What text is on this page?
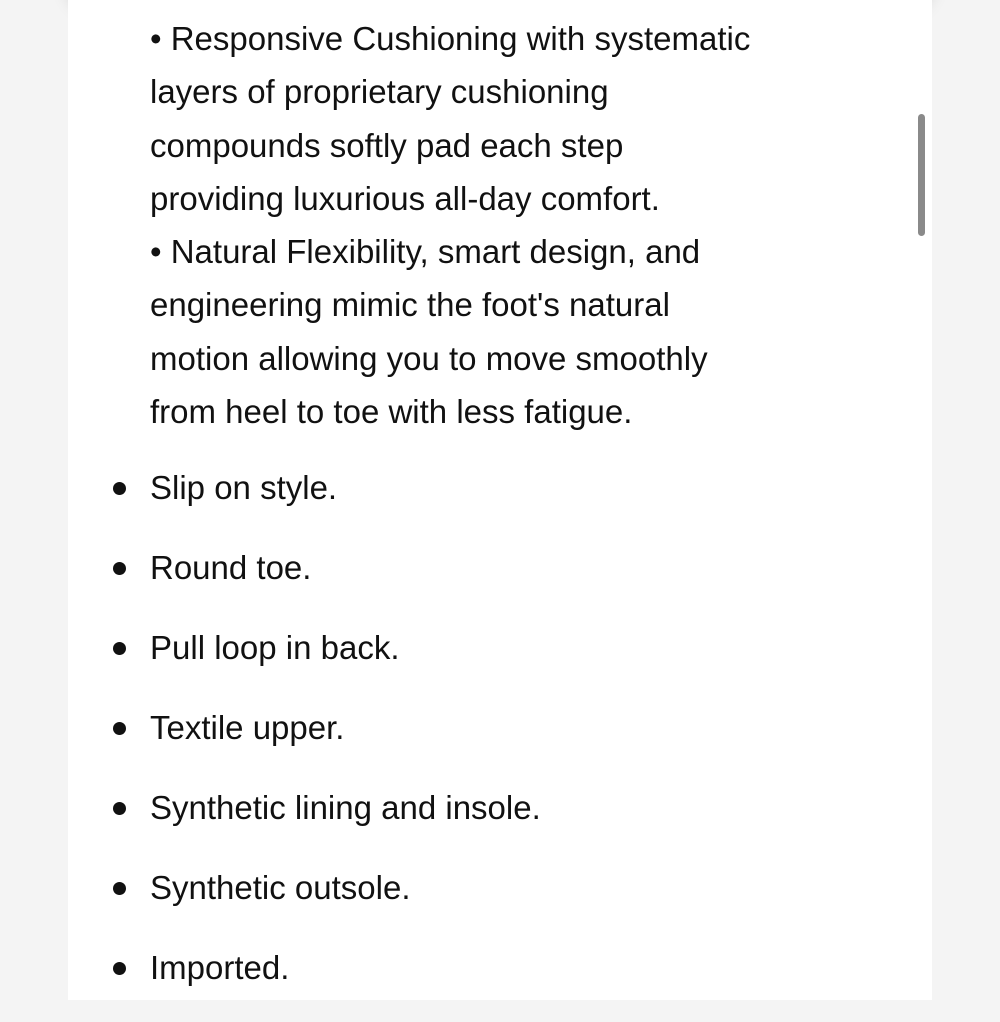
• Responsive Cushioning with systematic

layers of proprietary cushioning

compounds softly pad each step

providing luxurious all-day comfort.

• Natural Flexibility, smart design, and

engineering mimic the foot's natural

motion allowing you to move smoothly

from heel to toe with less fatigue.

Slip on style.
Round toe.
Pull loop in back.
Textile upper.
Synthetic lining and insole.
Synthetic outsole.
Imported.
